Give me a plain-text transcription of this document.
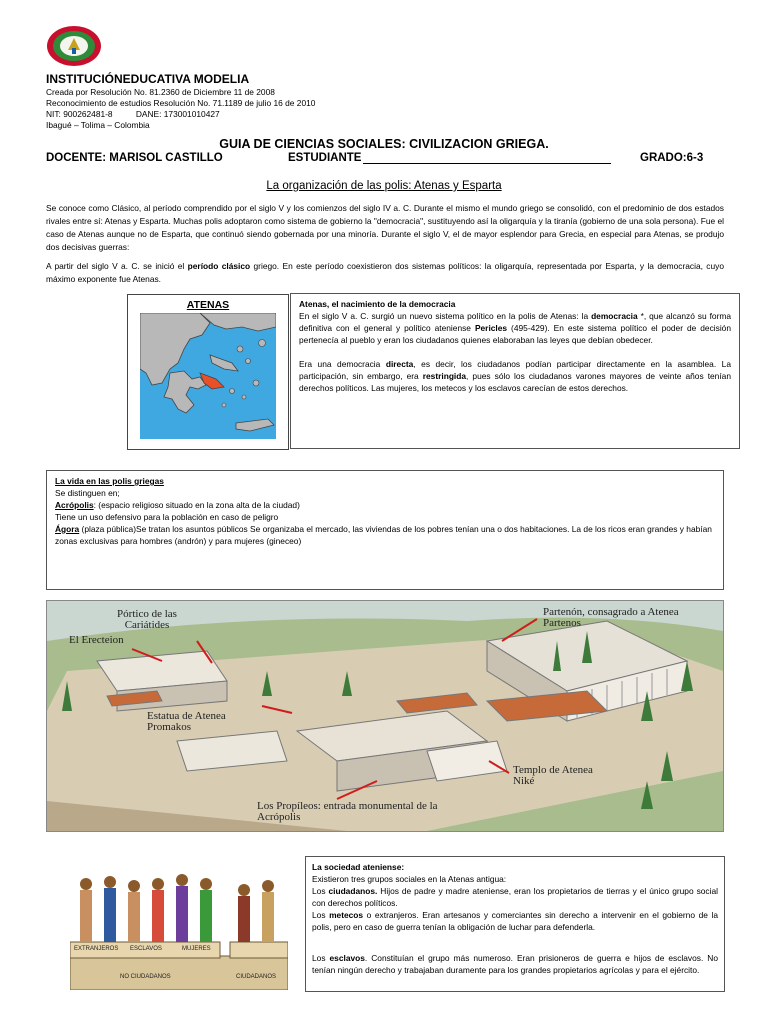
INSTITUCIÓNEDUCATIVA MODELIA
Creada por Resolución No. 81.2360 de Diciembre 11 de 2008
Reconocimiento de estudios Resolución No. 71.1189 de julio 16 de 2010
NIT: 900262481-8          DANE: 173001010427
Ibagué – Tolima – Colombia
GUIA DE CIENCIAS SOCIALES: CIVILIZACION GRIEGA.
DOCENTE: MARISOL CASTILLO	ESTUDIANTE	GRADO:6-3
La organización de las polis: Atenas y Esparta
Se conoce como Clásico, al período comprendido por el siglo V y los comienzos del siglo IV a. C. Durante el mismo el mundo griego se consolidó, con el predominio de dos estados rivales entre sí: Atenas y Esparta. Muchas polis adoptaron como sistema de gobierno la "democracia", sustituyendo así la oligarquía y la tiranía (gobierno de una sola persona). Fue el caso de Atenas aunque no de Esparta, que continuó siendo gobernada por una minoría. Durante el siglo V, el de mayor esplendor para Grecia, en especial para Atenas, se produjo dos decisivas guerras:
A partir del siglo V a. C. se inició el período clásico griego. En este período coexistieron dos sistemas políticos: la oligarquía, representada por Esparta, y la democracia, cuyo máximo exponente fue Atenas.
ATENAS	Atenas, el nacimiento de la democracia
En el siglo V a. C. surgió un nuevo sistema político en la polis de Atenas: la democracia *, que alcanzó su forma definitiva con el general y político ateniense Pericles (495-429). En este sistema político el poder de decisión pertenecía al pueblo y eran los ciudadanos quienes elaboraban las leyes que debían obedecer.
Era una democracia directa, es decir, los ciudadanos podían participar directamente en la asamblea. La participación, sin embargo, era restringida, pues sólo los ciudadanos varones mayores de veinte años tenían derechos políticos. Las mujeres, los metecos y los esclavos carecían de estos derechos.
La vida en las polis griegas
Se distinguen en;
Acrópolis: (espacio religioso situado en la zona alta de la ciudad)
Tiene un uso defensivo para la población en caso de peligro
Ágora (plaza pública)Se tratan los asuntos públicos Se organizaba el mercado, las viviendas de los pobres tenían una o dos habitaciones. La de los ricos eran grandes y habían zonas exclusivas para hombres (andrón) y para mujeres (gineceo)
Pórtico de las Cariátides
El Erecteion
Partenón, consagrado a Atenea Partenos
Estatua de Atenea Promakos
Templo de Atenea Niké
Los Propíleos: entrada monumental de la Acrópolis
EXTRANJEROS ESCLAVOS	MUJERES
NO CIUDADANOS	CIUDADANOS
La sociedad ateniense:
Existieron tres grupos sociales en la Atenas antigua:
Los ciudadanos. Hijos de padre y madre ateniense, eran los propietarios de tierras y el único grupo social con derechos políticos.
Los metecos o extranjeros. Eran artesanos y comerciantes sin derecho a intervenir en el gobierno de la polis, pero en caso de guerra tenían la obligación de luchar para defenderla.
Los esclavos. Constituían el grupo más numeroso. Eran prisioneros de guerra e hijos de esclavos. No tenían ningún derecho y trabajaban duramente para los grandes propietarios agrícolas y para el ejército.
